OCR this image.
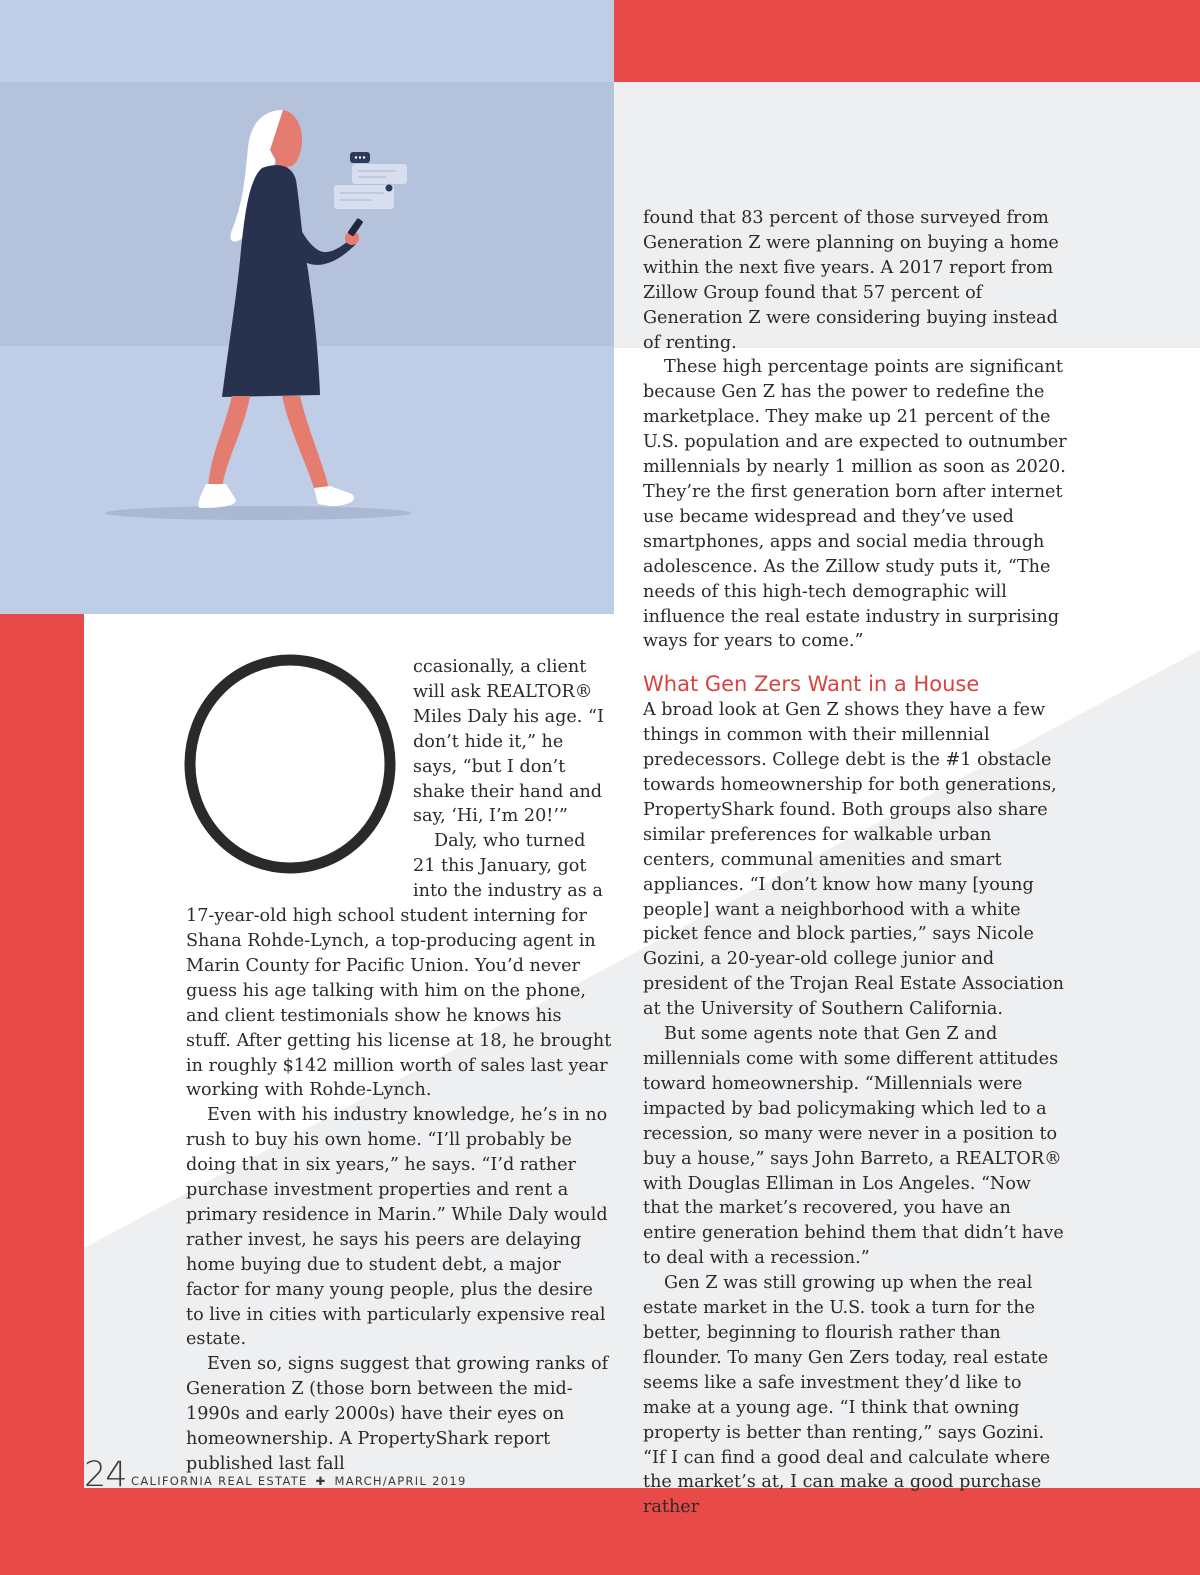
ccasionally, a client will ask REALTOR® Miles Daly his age. “I don’t hide it,” he says, “but I don’t shake their hand and say, ‘Hi, I’m 20!’”

Daly, who turned 21 this January, got into the industry as a 17-year-old high school student interning for Shana Rohde-Lynch, a top-producing agent in Marin County for Pacific Union. You’d never guess his age talking with him on the phone, and client testimonials show he knows his stuff. After getting his license at 18, he brought in roughly $142 million worth of sales last year working with Rohde-Lynch.

Even with his industry knowledge, he’s in no rush to buy his own home. “I’ll probably be doing that in six years,” he says. “I’d rather purchase investment properties and rent a primary residence in Marin.” While Daly would rather invest, he says his peers are delaying home buying due to student debt, a major factor for many young people, plus the desire to live in cities with particularly expensive real estate.

Even so, signs suggest that growing ranks of Generation Z (those born between the mid-1990s and early 2000s) have their eyes on homeownership. A PropertyShark report published last fall

found that 83 percent of those surveyed from Generation Z were planning on buying a home within the next five years. A 2017 report from Zillow Group found that 57 percent of Generation Z were considering buying instead of renting.

These high percentage points are significant because Gen Z has the power to redefine the marketplace. They make up 21 percent of the U.S. population and are expected to outnumber millennials by nearly 1 million as soon as 2020. They’re the first generation born after internet use became widespread and they’ve used smartphones, apps and social media through adolescence. As the Zillow study puts it, “The needs of this high-tech demographic will influence the real estate industry in surprising ways for years to come.”

What Gen Zers Want in a House

A broad look at Gen Z shows they have a few things in common with their millennial predecessors. College debt is the #1 obstacle towards homeownership for both generations, PropertyShark found. Both groups also share similar preferences for walkable urban centers, communal amenities and smart appliances. “I don’t know how many [young people] want a neighborhood with a white picket fence and block parties,” says Nicole Gozini, a 20-year-old college junior and president of the Trojan Real Estate Association at the University of Southern California.

But some agents note that Gen Z and millennials come with some different attitudes toward homeownership. “Millennials were impacted by bad policymaking which led to a recession, so many were never in a position to buy a house,” says John Barreto, a REALTOR® with Douglas Elliman in Los Angeles. “Now that the market’s recovered, you have an entire generation behind them that didn’t have to deal with a recession.”

Gen Z was still growing up when the real estate market in the U.S. took a turn for the better, beginning to flourish rather than flounder. To many Gen Zers today, real estate seems like a safe investment they’d like to make at a young age. “I think that owning property is better than renting,” says Gozini. “If I can find a good deal and calculate where the market’s at, I can make a good purchase rather

24 CALIFORNIA REAL ESTATE ✚ MARCH/APRIL 2019
